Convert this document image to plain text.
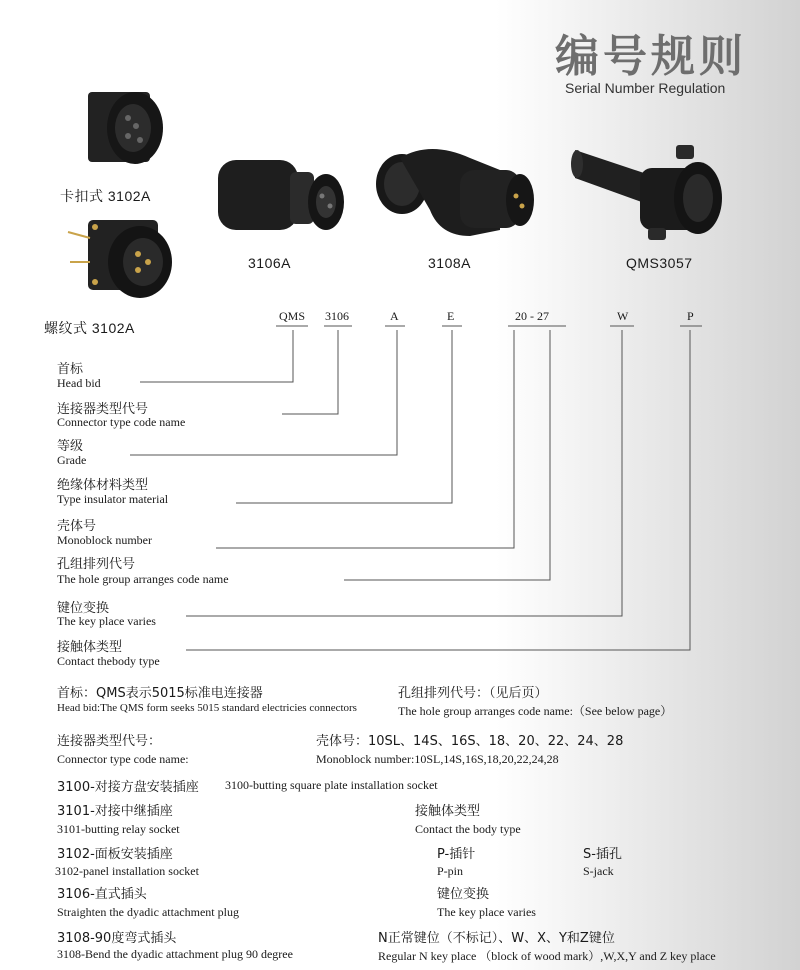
编号规则
Serial Number Regulation
卡扣式 3102A
螺纹式 3102A
3106A	3108A	QMS3057
QMS 3106	A	E	20 - 27	W	P
首标
Head bid
连接器类型代号
Connector type code name
等级
Grade
绝缘体材料类型
Type insulator material
壳体号
Monoblock number
孔组排列代号
The hole group arranges code name
键位变换
The key place varies
接触体类型
Contact thebody type
首标：QMS表示5015标准电连接器
Head bid:The QMS form seeks 5015 standard electricies connectors
孔组排列代号：（见后页）
The hole group arranges code name:（See below page）
连接器类型代号：
Connector type code name:
壳体号：10SL、14S、16S、18、20、22、24、28
Monoblock number:10SL,14S,16S,18,20,22,24,28
3100-对接方盘安装插座 3100-butting square plate installation socket
3101-对接中继插座
3101-butting relay socket
接触体类型
Contact the body type
3102-面板安装插座
3102-panel installation socket
P-插针
P-pin
S-插孔
S-jack
3106-直式插头
Straighten the dyadic attachment plug
键位变换
The key place varies
3108-90度弯式插头
3108-Bend the dyadic attachment plug 90 degree
N正常键位（不标记）、W、X、Y和Z键位
Regular N key place （block of wood mark）,W,X,Y and Z key place
